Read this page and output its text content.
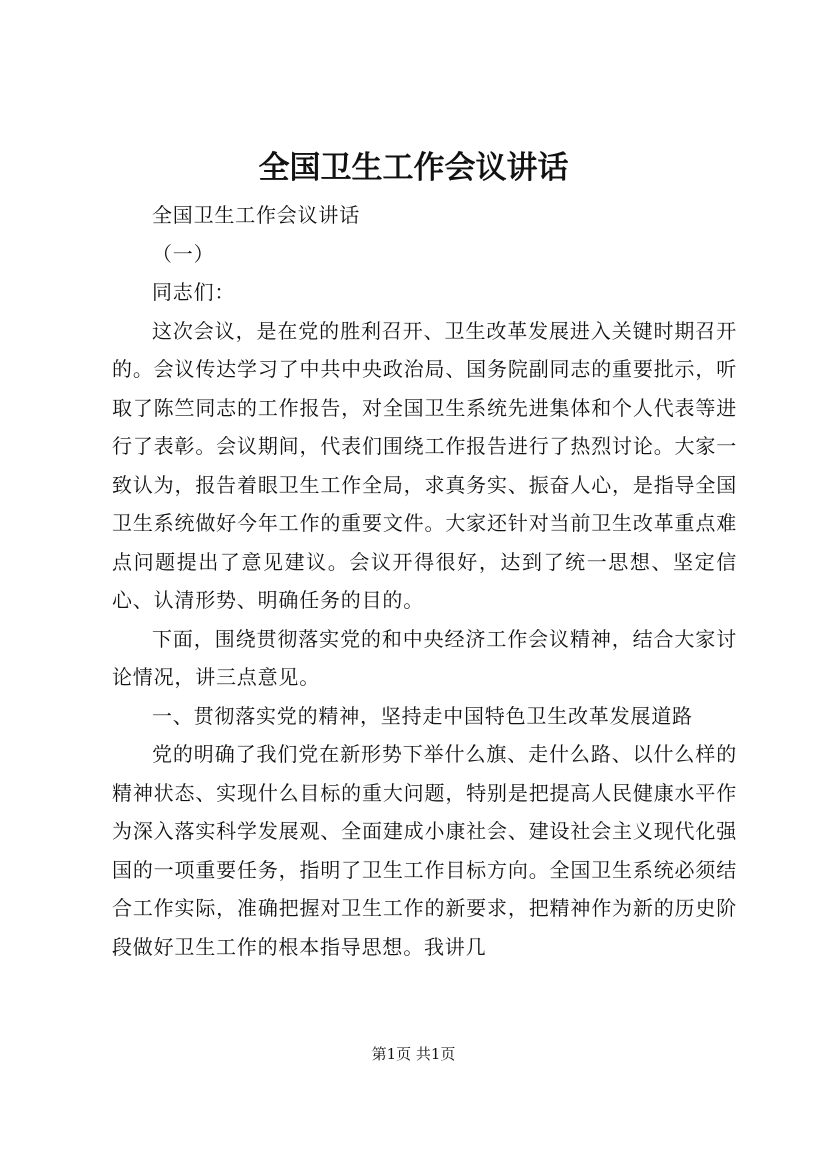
全国卫生工作会议讲话

全国卫生工作会议讲话

（一）

同志们：

这次会议，是在党的胜利召开、卫生改革发展进入关键时期召开的。会议传达学习了中共中央政治局、国务院副同志的重要批示，听取了陈竺同志的工作报告，对全国卫生系统先进集体和个人代表等进行了表彰。会议期间，代表们围绕工作报告进行了热烈讨论。大家一致认为，报告着眼卫生工作全局，求真务实、振奋人心，是指导全国卫生系统做好今年工作的重要文件。大家还针对当前卫生改革重点难点问题提出了意见建议。会议开得很好，达到了统一思想、坚定信心、认清形势、明确任务的目的。

下面，围绕贯彻落实党的和中央经济工作会议精神，结合大家讨论情况，讲三点意见。

一、贯彻落实党的精神，坚持走中国特色卫生改革发展道路

党的明确了我们党在新形势下举什么旗、走什么路、以什么样的精神状态、实现什么目标的重大问题，特别是把提高人民健康水平作为深入落实科学发展观、全面建成小康社会、建设社会主义现代化强国的一项重要任务，指明了卫生工作目标方向。全国卫生系统必须结合工作实际，准确把握对卫生工作的新要求，把精神作为新的历史阶段做好卫生工作的根本指导思想。我讲几

第1页 共1页
